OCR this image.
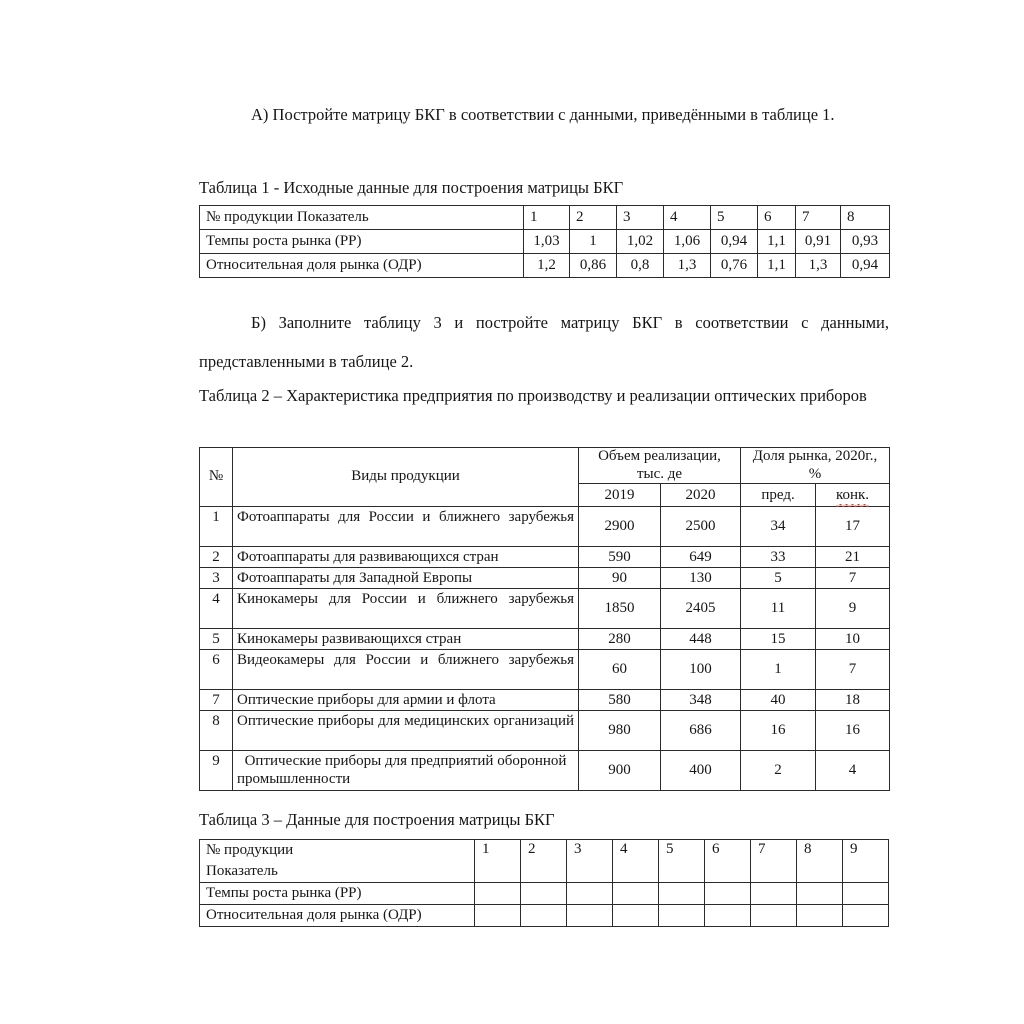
А) Постройте матрицу БКГ в соответствии с данными, приведёнными в таблице 1.
Таблица 1 - Исходные данные для построения матрицы БКГ
№ продукции Показатель	1	2	3	4	5	6	7	8
Темпы роста рынка (РР)	1,03	1	1,02	1,06	0,94	1,1	0,91	0,93
Относительная доля рынка (ОДР)	1,2	0,86	0,8	1,3	0,76	1,1	1,3	0,94
Б) Заполните таблицу 3 и постройте матрицу БКГ в соответствии с данными, представленными в таблице 2.
Таблица 2 – Характеристика предприятия по производству и реализации оптических приборов
№	Виды продукции	Объем реализации, тыс. де		Доля рынка, 2020г., %	
		2019	2020	пред.	конк.
1	Фотоаппараты для России и ближнего зарубежья	2900	2500	34	17
2	Фотоаппараты для развивающихся стран	590	649	33	21
3	Фотоаппараты для Западной Европы	90	130	5	7
4	Кинокамеры для России и ближнего зарубежья	1850	2405	11	9
5	Кинокамеры развивающихся стран	280	448	15	10
6	Видеокамеры для России и ближнего зарубежья	60	100	1	7
7	Оптические приборы для армии и флота	580	348	40	18
8	Оптические приборы для медицинских организаций	980	686	16	16
9	Оптические приборы для предприятий оборонной промышленности	900	400	2	4
Таблица 3 – Данные для построения матрицы БКГ
№ продукции	1	2	3	4	5	6	7	8	9
Показатель									
Темпы роста рынка (РР)									
Относительная доля рынка (ОДР)									
